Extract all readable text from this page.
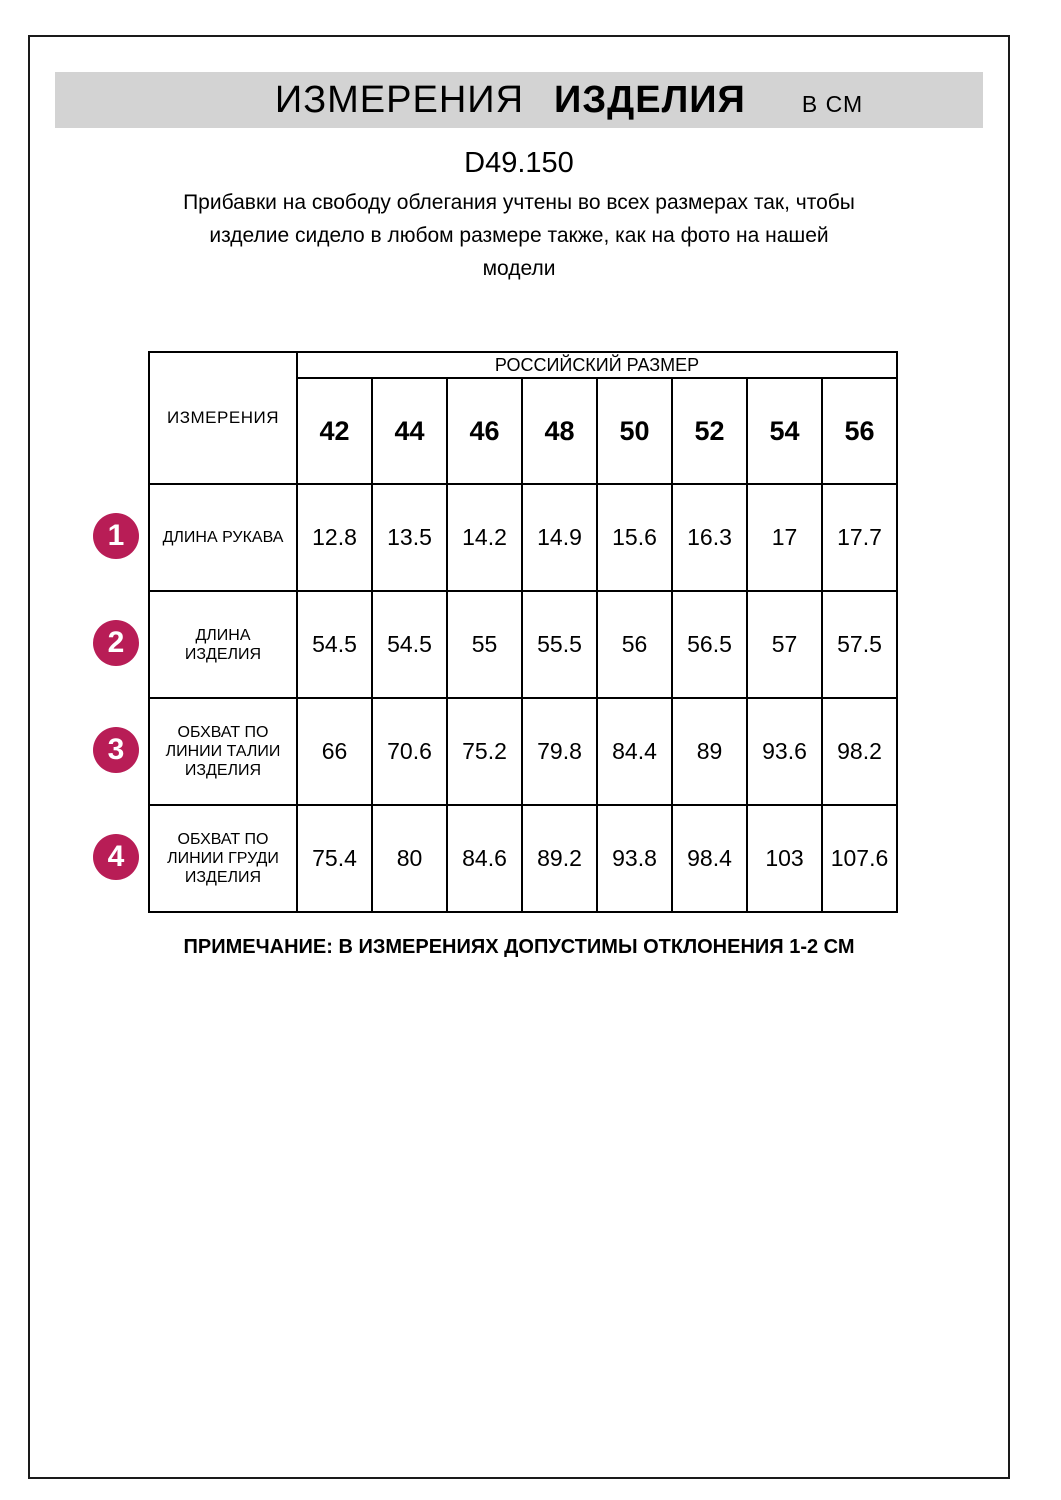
ИЗМЕРЕНИЯ ИЗДЕЛИЯ В СМ
D49.150
Прибавки на свободу облегания учтены во всех размерах так, чтобы
изделие сидело в любом размере также, как на фото на нашей
модели
ИЗМЕРЕНИЯ	РОССИЙСКИЙ РАЗМЕР							
	42	44	46	48	50	52	54	56

ДЛИНА РУКАВА	12.8	13.5	14.2	14.9	15.6	16.3	17	17.7

ДЛИНА
ИЗДЕЛИЯ	54.5	54.5	55	55.5	56	56.5	57	57.5

ОБХВАТ ПО
ЛИНИИ ТАЛИИ
ИЗДЕЛИЯ	66	70.6	75.2	79.8	84.4	89	93.6	98.2

ОБХВАТ ПО
ЛИНИИ ГРУДИ
ИЗДЕЛИЯ	75.4	80	84.6	89.2	93.8	98.4	103	107.6
1
2
3
4
ПРИМЕЧАНИЕ: В ИЗМЕРЕНИЯХ ДОПУСТИМЫ ОТКЛОНЕНИЯ 1-2 СМ
